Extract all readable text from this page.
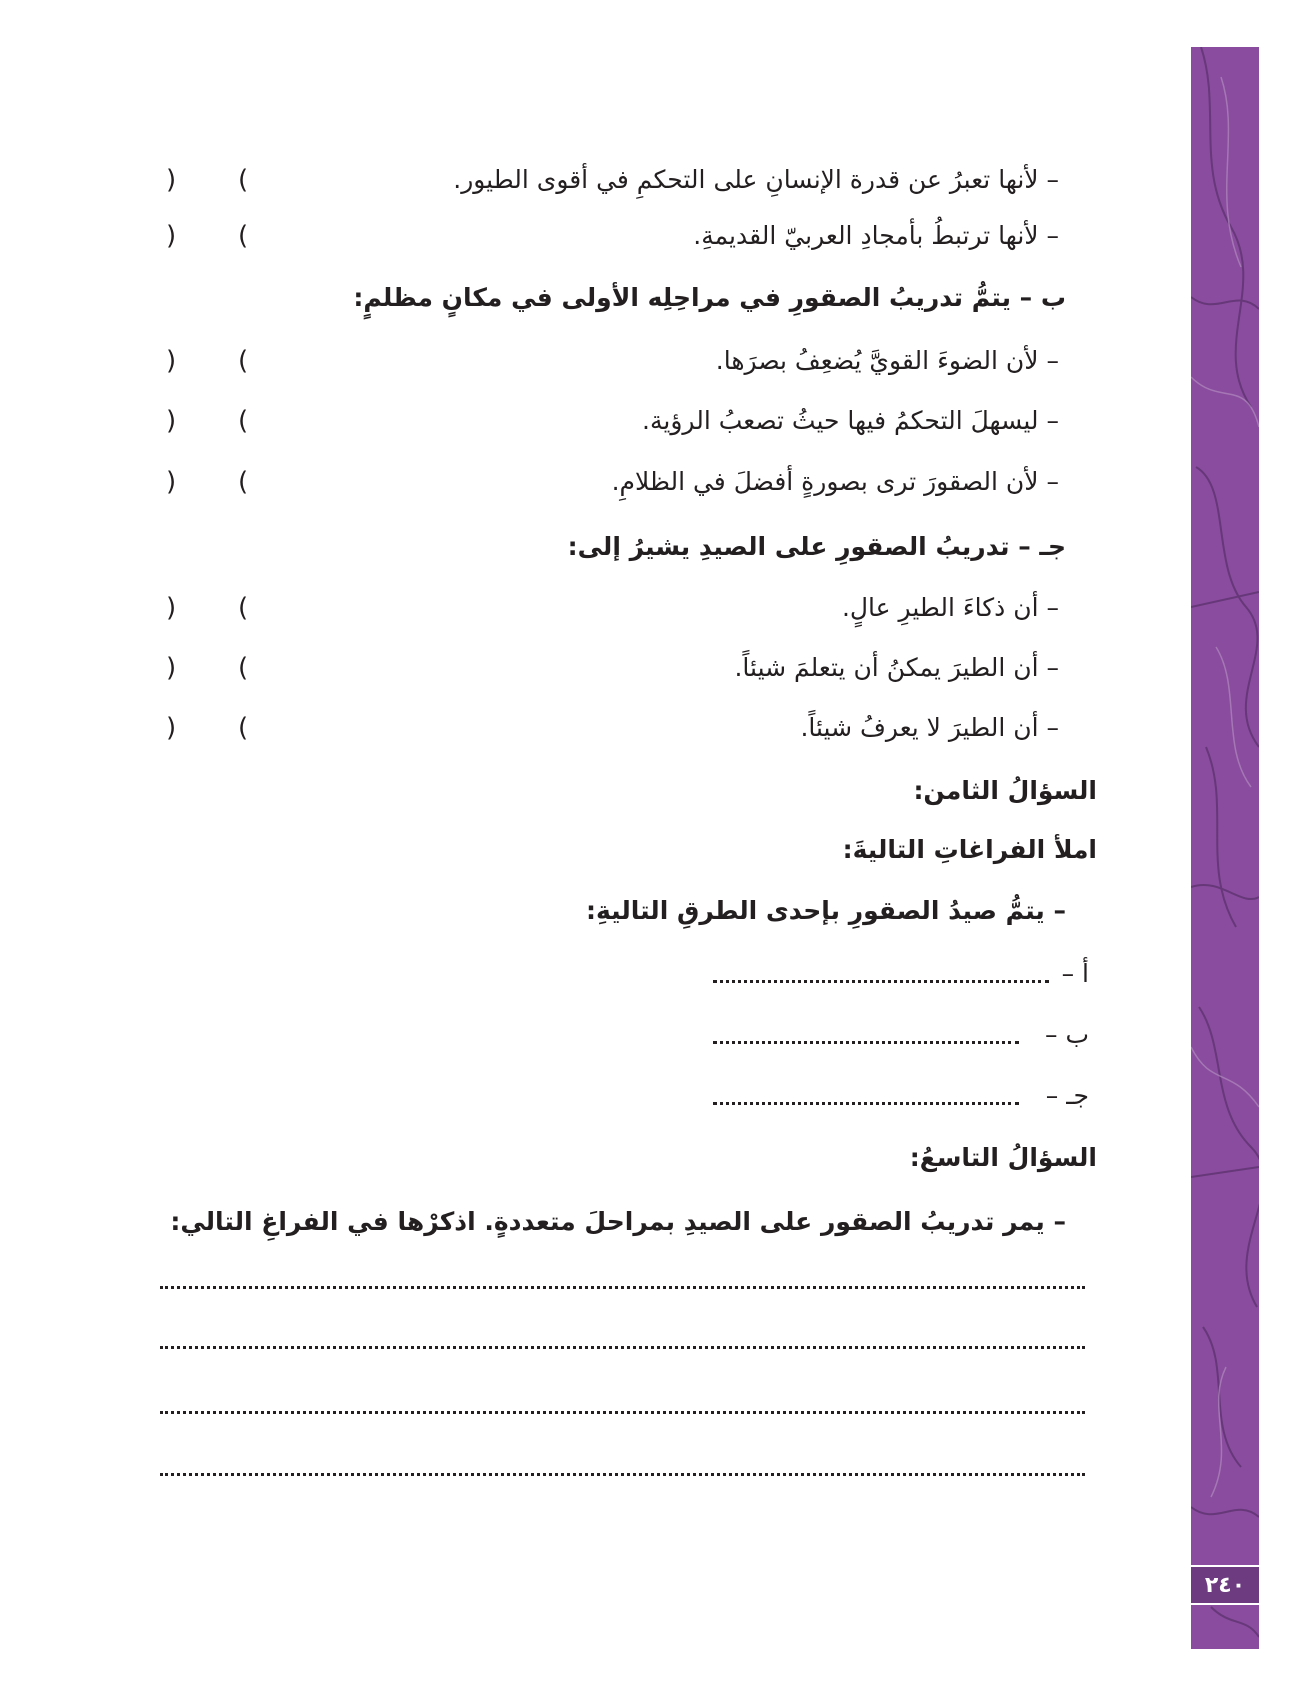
٢٤٠
– لأنها تعبرُ عن قدرة الإنسانِ على التحكمِ في أقوى الطيور.
(
)
– لأنها ترتبطُ بأمجادِ العربيّ القديمةِ.
(
)
ب – يتمُّ تدريبُ الصقورِ في مراحِلِه الأولى في مكانٍ مظلمٍ:
– لأن الضوءَ القويَّ يُضعِفُ بصرَها.
(
)
– ليسهلَ التحكمُ فيها حيثُ تصعبُ الرؤية.
(
)
– لأن الصقورَ ترى بصورةٍ أفضلَ في الظلامِ.
(
)
جـ – تدريبُ الصقورِ على الصيدِ يشيرُ إلى:
– أن ذكاءَ الطيرِ عالٍ.
(
)
– أن الطيرَ يمكنُ أن يتعلمَ شيئاً.
(
)
– أن الطيرَ لا يعرفُ شيئاً.
(
)
السؤالُ الثامن:
املأ الفراغاتِ التاليةَ:
– يتمُّ صيدُ الصقورِ بإحدى الطرقِ التاليةِ:
أ –
ب –
جـ –
السؤالُ التاسعُ:
– يمر تدريبُ الصقور على الصيدِ بمراحلَ متعددةٍ. اذكرْها في الفراغِ التالي:
